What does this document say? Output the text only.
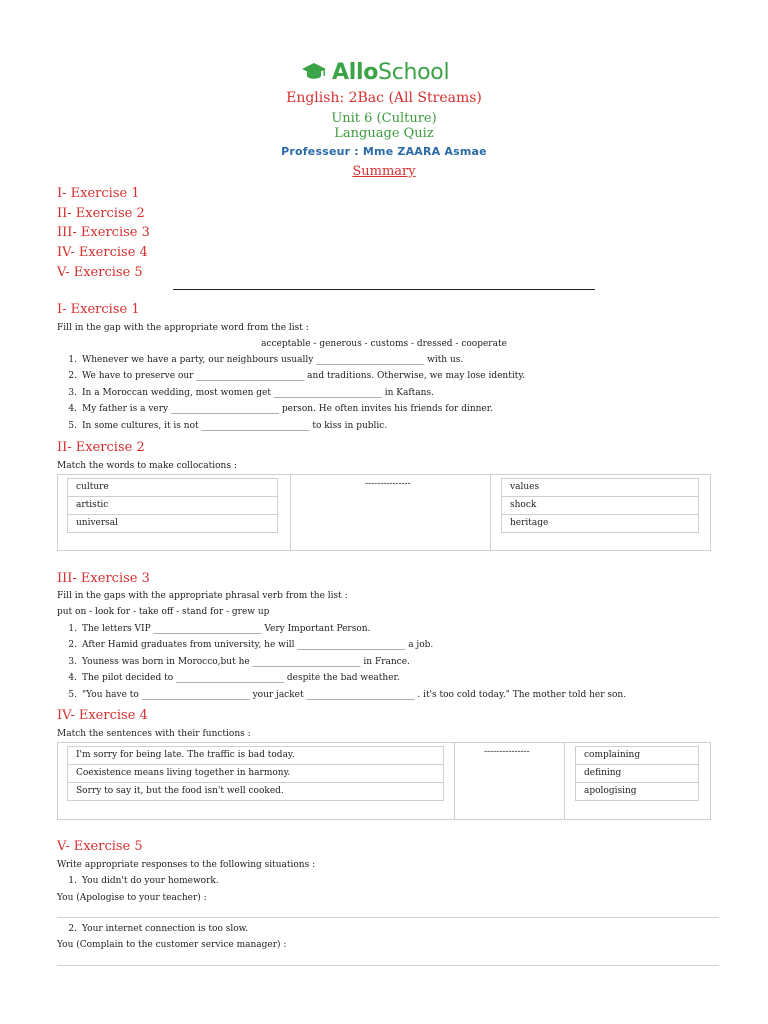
AlloSchool
English: 2Bac (All Streams)
Unit 6 (Culture)
Language Quiz
Professeur : Mme ZAARA Asmae
Summary
I- Exercise 1
II- Exercise 2
III- Exercise 3
IV- Exercise 4
V- Exercise 5
I- Exercise 1
Fill in the gap with the appropriate word from the list :
acceptable - generous - customs - dressed - cooperate
1. Whenever we have a party, our neighbours usually ________________________ with us.
2. We have to preserve our ________________________ and traditions. Otherwise, we may lose identity.
3. In a Moroccan wedding, most women get ________________________ in Kaftans.
4. My father is a very ________________________ person. He often invites his friends for dinner.
5. In some cultures, it is not ________________________ to kiss in public.
II- Exercise 2
Match the words to make collocations :
culture
artistic
universal
---------------	values
shock
heritage
III- Exercise 3
Fill in the gaps with the appropriate phrasal verb from the list :
put on - look for - take off - stand for - grew up
1. The letters VIP ________________________ Very Important Person.
2. After Hamid graduates from university, he will ________________________ a job.
3. Youness was born in Morocco,but he ________________________ in France.
4. The pilot decided to ________________________ despite the bad weather.
5. "You have to ________________________ your jacket ________________________ . it's too cold today." The mother told her son.
IV- Exercise 4
Match the sentences with their functions :
I'm sorry for being late. The traffic is bad today.
Coexistence means living together in harmony.
Sorry to say it, but the food isn't well cooked.
---------------	complaining
defining
apologising
V- Exercise 5
Write appropriate responses to the following situations :
1. You didn't do your homework.
You (Apologise to your teacher) :
2. Your internet connection is too slow.
You (Complain to the customer service manager) :
